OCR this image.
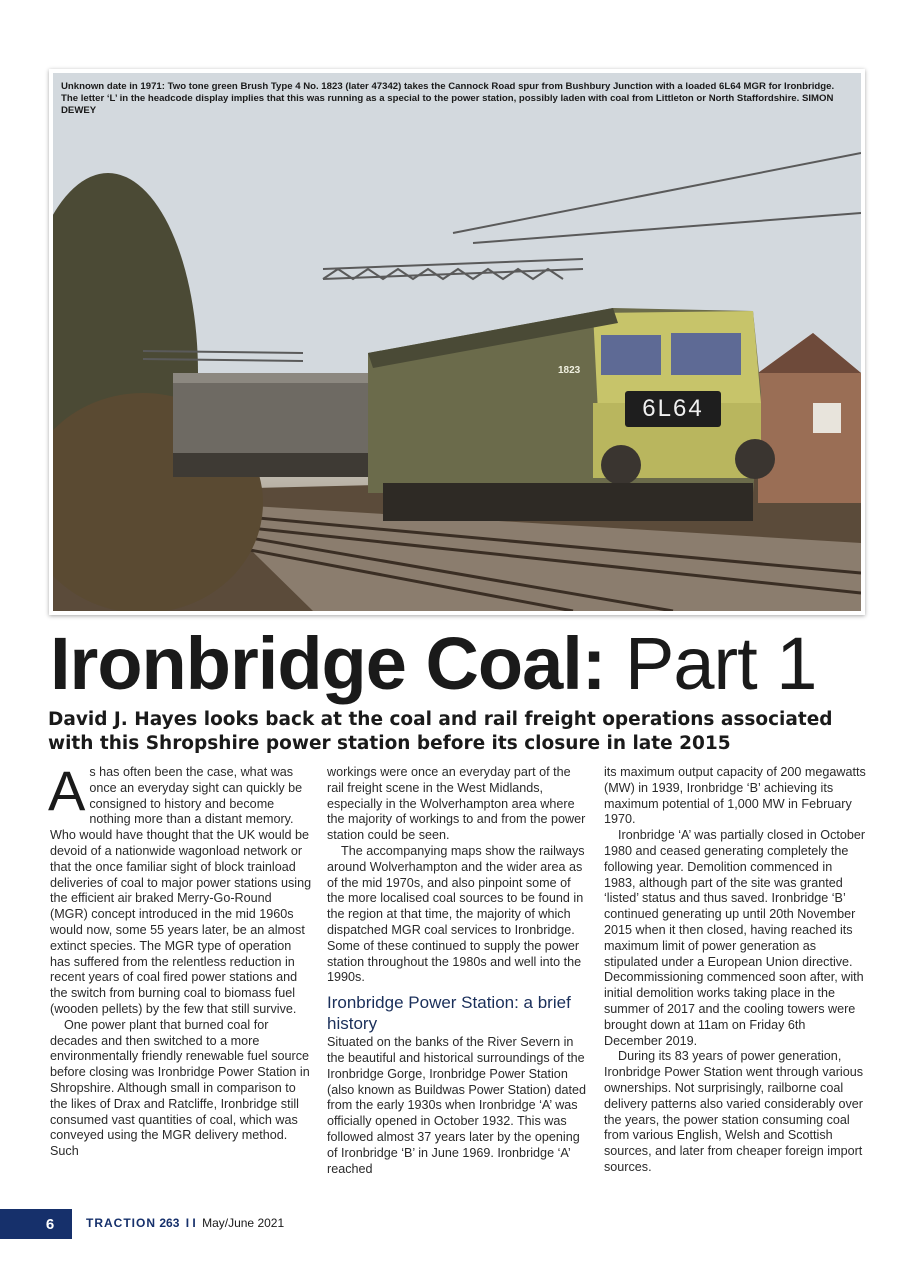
Unknown date in 1971: Two tone green Brush Type 4 No. 1823 (later 47342) takes the Cannock Road spur from Bushbury Junction with a loaded 6L64 MGR for Ironbridge. The letter ‘L’ in the headcode display implies that this was running as a special to the power station, possibly laden with coal from Littleton or North Staffordshire. SIMON DEWEY
6L64
1823
Ironbridge Coal: Part 1
David J. Hayes looks back at the coal and rail freight operations associated with this Shropshire power station before its closure in late 2015
A s has often been the case, what was once an everyday sight can quickly be consigned to history and become nothing more than a distant memory. Who would have thought that the UK would be devoid of a nationwide wagonload network or that the once familiar sight of block trainload deliveries of coal to major power stations using the efficient air braked Merry-Go-Round (MGR) concept introduced in the mid 1960s would now, some 55 years later, be an almost extinct species. The MGR type of operation has suffered from the relentless reduction in recent years of coal fired power stations and the switch from burning coal to biomass fuel (wooden pellets) by the few that still survive.

One power plant that burned coal for decades and then switched to a more environmentally friendly renewable fuel source before closing was Ironbridge Power Station in Shropshire. Although small in comparison to the likes of Drax and Ratcliffe, Ironbridge still consumed vast quantities of coal, which was conveyed using the MGR delivery method. Such

workings were once an everyday part of the rail freight scene in the West Midlands, especially in the Wolverhampton area where the majority of workings to and from the power station could be seen.

The accompanying maps show the railways around Wolverhampton and the wider area as of the mid 1970s, and also pinpoint some of the more localised coal sources to be found in the region at that time, the majority of which dispatched MGR coal services to Ironbridge. Some of these continued to supply the power station throughout the 1980s and well into the 1990s.

Ironbridge Power Station: a brief history

Situated on the banks of the River Severn in the beautiful and historical surroundings of the Ironbridge Gorge, Ironbridge Power Station (also known as Buildwas Power Station) dated from the early 1930s when Ironbridge ‘A’ was officially opened in October 1932. This was followed almost 37 years later by the opening of Ironbridge ‘B’ in June 1969. Ironbridge ‘A’ reached

its maximum output capacity of 200 megawatts (MW) in 1939, Ironbridge ‘B’ achieving its maximum potential of 1,000 MW in February 1970.

Ironbridge ‘A’ was partially closed in October 1980 and ceased generating completely the following year. Demolition commenced in 1983, although part of the site was granted ‘listed’ status and thus saved. Ironbridge ‘B’ continued generating up until 20th November 2015 when it then closed, having reached its maximum limit of power generation as stipulated under a European Union directive. Decommissioning commenced soon after, with initial demolition works taking place in the summer of 2017 and the cooling towers were brought down at 11am on Friday 6th December 2019.

During its 83 years of power generation, Ironbridge Power Station went through various ownerships. Not surprisingly, railborne coal delivery patterns also varied considerably over the years, the power station consuming coal from various English, Welsh and Scottish sources, and later from cheaper foreign import sources.

6	TRACTION 263 I I May/June 2021
